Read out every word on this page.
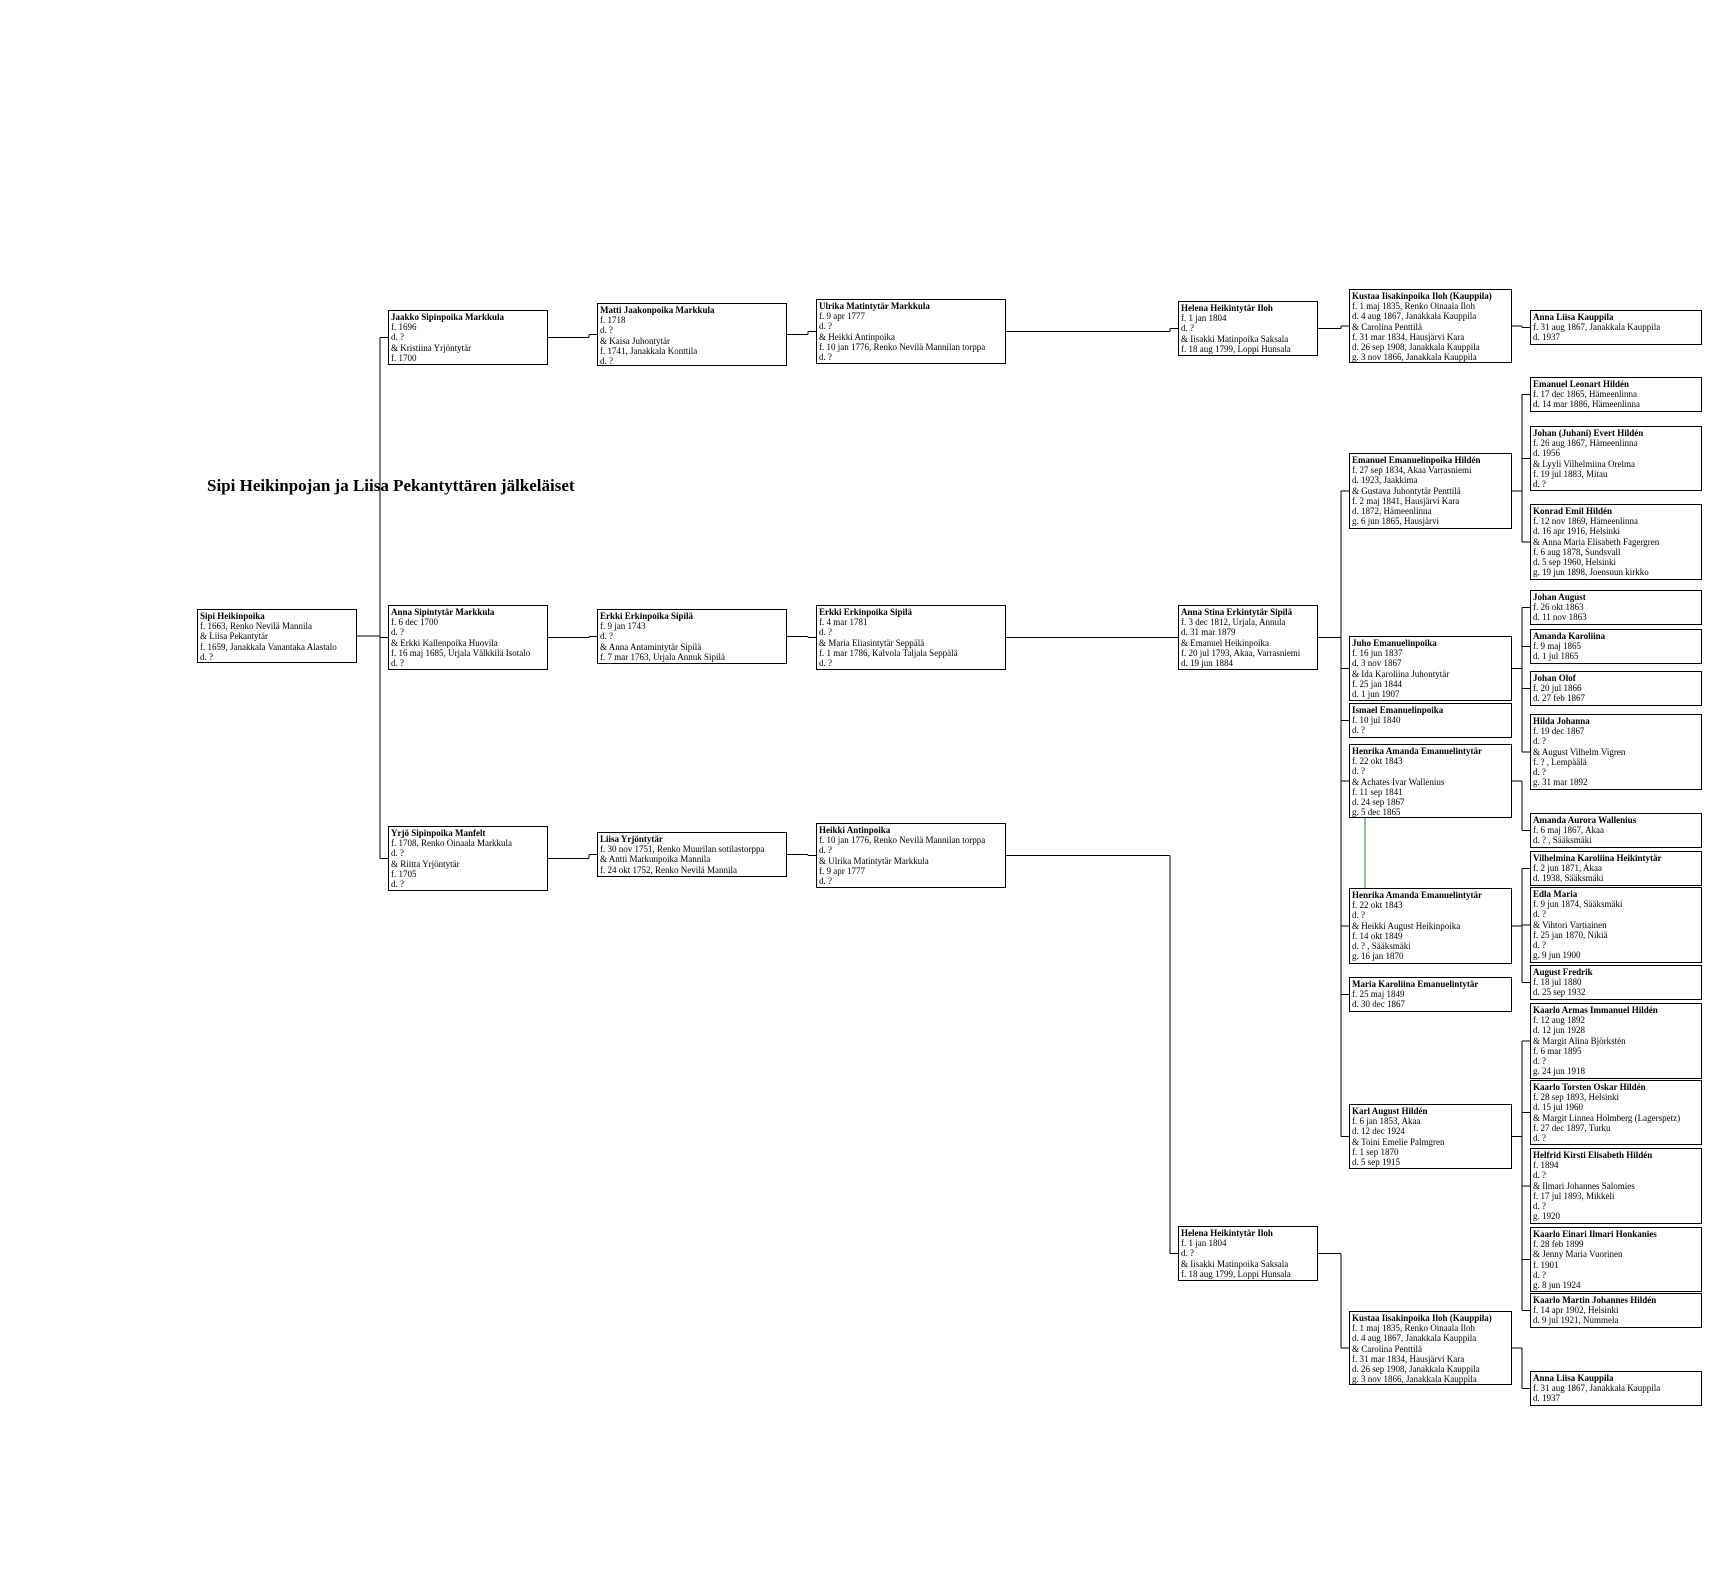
Sipi Heikinpojan ja Liisa Pekantyttären jälkeläiset
Sipi Heikinpoika
f. 1663, Renko Nevilä Mannila
& Liisa Pekantytär
f. 1659, Janakkala Vanantaka Alastalo
d. ?
Jaakko Sipinpoika Markkula
f. 1696
d. ?
& Kristiina Yrjöntytär
f. 1700
Anna Sipintytär Markkula
f. 6 dec 1700
d. ?
& Erkki Kallenpoika Huovila
f. 16 maj 1685, Urjala Välkkilä Isotalo
d. ?
Yrjö Sipinpoika Manfelt
f. 1708, Renko Oinaala Markkula
d. ?
& Riitta Yrjöntytär
f. 1705
d. ?
Matti Jaakonpoika Markkula
f. 1718
d. ?
& Kaisa Juhontytär
f. 1741, Janakkala Konttila
d. ?
Erkki Erkinpoika Sipilä
f. 9 jan 1743
d. ?
& Anna Antamintytär Sipilä
f. 7 mar 1763, Urjala Annuk Sipilä
Liisa Yrjöntytär
f. 30 nov 1751, Renko Muurilan sotilastorppa
& Antti Markunpoika Mannila
f. 24 okt 1752, Renko Nevilä Mannila
Ulrika Matintytär Markkula
f. 9 apr 1777
d. ?
& Heikki Antinpoika
f. 10 jan 1776, Renko Nevilä Mannilan torppa
d. ?
Erkki Erkinpoika Sipilä
f. 4 mar 1781
d. ?
& Maria Eliasintytär Seppälä
f. 1 mar 1786, Kalvola Taljala Seppälä
d. ?
Heikki Antinpoika
f. 10 jan 1776, Renko Nevilä Mannilan torppa
d. ?
& Ulrika Matintytär Markkula
f. 9 apr 1777
d. ?
Helena Heikintytär Iloh
f. 1 jan 1804
d. ?
& Iisakki Matinpoika Saksala
f. 18 aug 1799, Loppi Hunsala
Anna Stina Erkintytär Sipilä
f. 3 dec 1812, Urjala, Annula
d. 31 mar 1879
& Emanuel Heikinpoika
f. 20 jul 1793, Akaa, Varrasniemi
d. 19 jun 1884
Helena Heikintytär Iloh
f. 1 jan 1804
d. ?
& Iisakki Matinpoika Saksala
f. 18 aug 1799, Loppi Hunsala
Kustaa Iisakinpoika Iloh (Kauppila)
f. 1 maj 1835, Renko Oinaala Iloh
d. 4 aug 1867, Janakkala Kauppila
& Carolina Penttilä
f. 31 mar 1834, Hausjärvi Kara
d. 26 sep 1908, Janakkala Kauppila
g. 3 nov 1866, Janakkala Kauppila
Emanuel Emanuelinpoika Hildén
f. 27 sep 1834, Akaa Varrasniemi
d. 1923, Jaakkima
& Gustava Juhontytär Penttilä
f. 2 maj 1841, Hausjärvi Kara
d. 1872, Hämeenlinna
g. 6 jun 1865, Hausjärvi
Juho Emanuelinpoika
f. 16 jun 1837
d. 3 nov 1867
& Ida Karoliina Juhontytär
f. 25 jan 1844
d. 1 jun 1907
Ismael Emanuelinpoika
f. 10 jul 1840
d. ?
Henrika Amanda Emanuelintytär
f. 22 okt 1843
d. ?
& Achates Ivar Wallenius
f. 11 sep 1841
d. 24 sep 1867
g. 5 dec 1865
Henrika Amanda Emanuelintytär
f. 22 okt 1843
d. ?
& Heikki August Heikinpoika
f. 14 okt 1849
d. ? , Sääksmäki
g. 16 jan 1870
Maria Karoliina Emanuelintytär
f. 25 maj 1849
d. 30 dec 1867
Karl August Hildén
f. 6 jan 1853, Akaa
d. 12 dec 1924
& Toini Emelie Palmgren
f. 1 sep 1870
d. 5 sep 1915
Kustaa Iisakinpoika Iloh (Kauppila)
f. 1 maj 1835, Renko Oinaala Iloh
d. 4 aug 1867, Janakkala Kauppila
& Carolina Penttilä
f. 31 mar 1834, Hausjärvi Kara
d. 26 sep 1908, Janakkala Kauppila
g. 3 nov 1866, Janakkala Kauppila
Anna Liisa Kauppila
f. 31 aug 1867, Janakkala Kauppila
d. 1937
Emanuel Leonart Hildén
f. 17 dec 1865, Hämeenlinna
d. 14 mar 1886, Hämeenlinna
Johan (Juhani) Evert Hildén
f. 26 aug 1867, Hämeenlinna
d. 1956
& Lyyli Vilhelmiina Orelma
f. 19 jul 1883, Mitau
d. ?
Konrad Emil Hildén
f. 12 nov 1869, Hämeenlinna
d. 16 apr 1916, Helsinki
& Anna Maria Elisabeth Fagergren
f. 6 aug 1878, Sundsvall
d. 5 sep 1960, Helsinki
g. 19 jun 1898, Joensuun kirkko
Johan August
f. 26 okt 1863
d. 11 nov 1863
Amanda Karoliina
f. 9 maj 1865
d. 1 jul 1865
Johan Olof
f. 20 jul 1866
d. 27 feb 1867
Hilda Johanna
f. 19 dec 1867
d. ?
& August Vilhelm Vigren
f. ? , Lempäälä
d. ?
g. 31 mar 1892
Amanda Aurora Wallenius
f. 6 maj 1867, Akaa
d. ? , Sääksmäki
Vilhelmina Karoliina Heikintytär
f. 2 jun 1871, Akaa
d. 1938, Sääksmäki
Edla Maria
f. 9 jun 1874, Sääksmäki
d. ?
& Vihtori Vartiainen
f. 25 jan 1870, Nikiä
d. ?
g. 9 jun 1900
August Fredrik
f. 18 jul 1880
d. 25 sep 1932
Kaarlo Armas Immanuel Hildén
f. 12 aug 1892
d. 12 jun 1928
& Margit Alina Björkstén
f. 6 mar 1895
d. ?
g. 24 jun 1918
Kaarlo Torsten Oskar Hildén
f. 28 sep 1893, Helsinki
d. 15 jul 1960
& Margit Linnea Holmberg (Lagerspetz)
f. 27 dec 1897, Turku
d. ?
Helfrid Kirsti Elisabeth Hildén
f. 1894
d. ?
& Ilmari Johannes Salomies
f. 17 jul 1893, Mikkeli
d. ?
g. 1920
Kaarlo Einari Ilmari Honkanies
f. 28 feb 1899
& Jenny Maria Vuorinen
f. 1901
d. ?
g. 8 jun 1924
Kaarlo Martin Johannes Hildén
f. 14 apr 1902, Helsinki
d. 9 jul 1921, Nummela
Anna Liisa Kauppila
f. 31 aug 1867, Janakkala Kauppila
d. 1937
